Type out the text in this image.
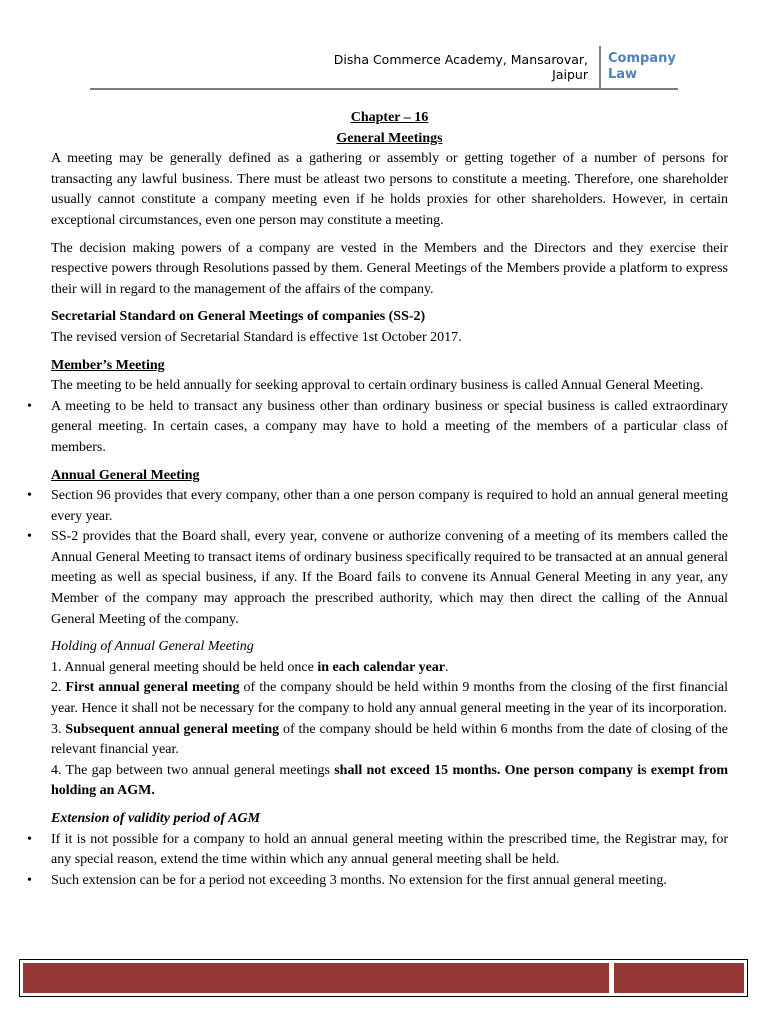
Disha Commerce Academy, Mansarovar, Jaipur
Company Law

Chapter – 16

General Meetings

A meeting may be generally defined as a gathering or assembly or getting together of a number of persons for transacting any lawful business. There must be atleast two persons to constitute a meeting. Therefore, one shareholder usually cannot constitute a company meeting even if he holds proxies for other shareholders. However, in certain exceptional circumstances, even one person may constitute a meeting.

The decision making powers of a company are vested in the Members and the Directors and they exercise their respective powers through Resolutions passed by them. General Meetings of the Members provide a platform to express their will in regard to the management of the affairs of the company.

Secretarial Standard on General Meetings of companies (SS-2)

The revised version of Secretarial Standard is effective 1st October 2017.

Member’s Meeting

The meeting to be held annually for seeking approval to certain ordinary business is called Annual General Meeting.

• A meeting to be held to transact any business other than ordinary business or special business is called extraordinary general meeting. In certain cases, a company may have to hold a meeting of the members of a particular class of members.

Annual General Meeting

• Section 96 provides that every company, other than a one person company is required to hold an annual general meeting every year.
• SS-2 provides that the Board shall, every year, convene or authorize convening of a meeting of its members called the Annual General Meeting to transact items of ordinary business specifically required to be transacted at an annual general meeting as well as special business, if any. If the Board fails to convene its Annual General Meeting in any year, any Member of the company may approach the prescribed authority, which may then direct the calling of the Annual General Meeting of the company.

Holding of Annual General Meeting

1. Annual general meeting should be held once in each calendar year.

2. First annual general meeting of the company should be held within 9 months from the closing of the first financial year. Hence it shall not be necessary for the company to hold any annual general meeting in the year of its incorporation.

3. Subsequent annual general meeting of the company should be held within 6 months from the date of closing of the relevant financial year.

4. The gap between two annual general meetings shall not exceed 15 months. One person company is exempt from holding an AGM.

Extension of validity period of AGM

• If it is not possible for a company to hold an annual general meeting within the prescribed time, the Registrar may, for any special reason, extend the time within which any annual general meeting shall be held.
• Such extension can be for a period not exceeding 3 months. No extension for the first annual general meeting.
